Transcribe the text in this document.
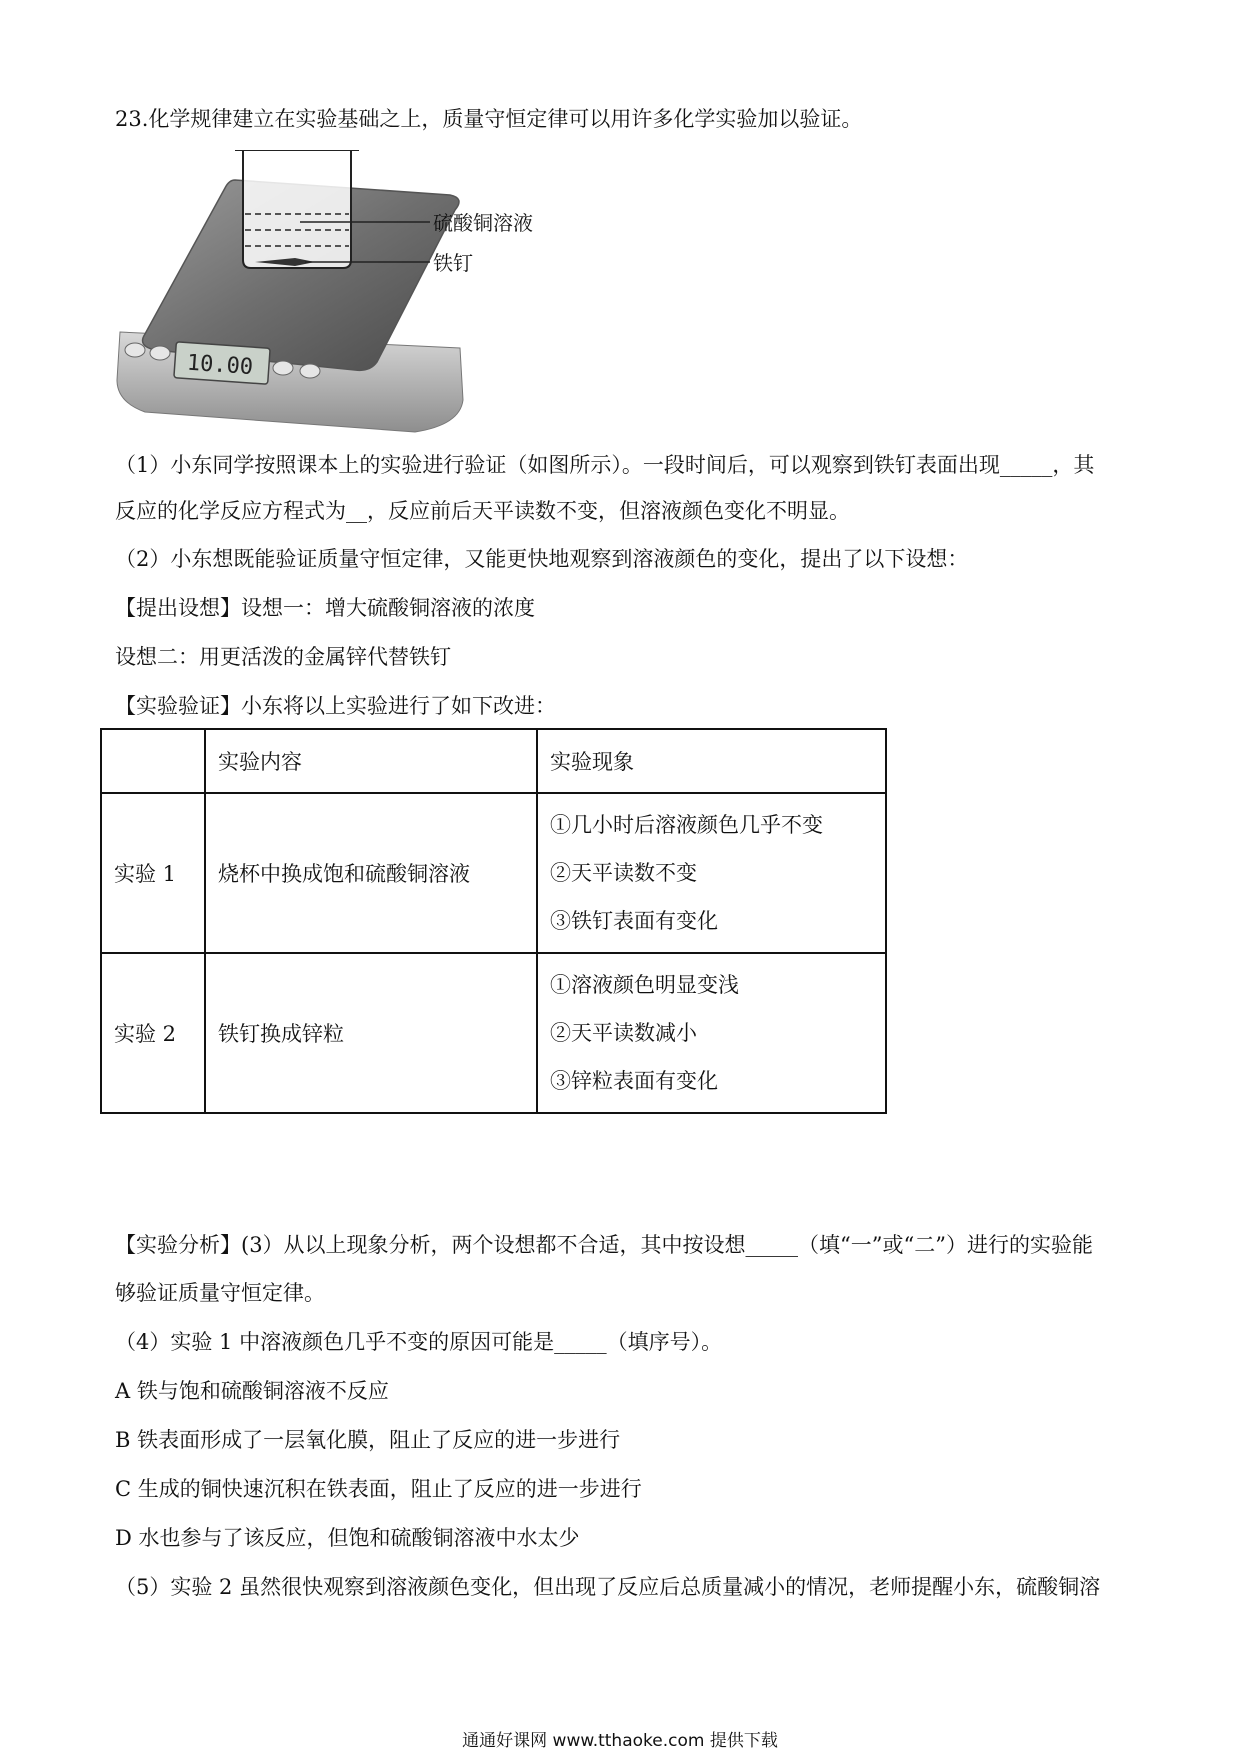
23.化学规律建立在实验基础之上，质量守恒定律可以用许多化学实验加以验证。
10.00
硫酸铜溶液
铁钉
（1）小东同学按照课本上的实验进行验证（如图所示）。一段时间后，可以观察到铁钉表面出现_____，其
反应的化学反应方程式为__，反应前后天平读数不变，但溶液颜色变化不明显。
（2）小东想既能验证质量守恒定律，又能更快地观察到溶液颜色的变化，提出了以下设想：
【提出设想】设想一：增大硫酸铜溶液的浓度
设想二：用更活泼的金属锌代替铁钉
【实验验证】小东将以上实验进行了如下改进：
	实验内容	实验现象
实验 1	烧杯中换成饱和硫酸铜溶液	①几小时后溶液颜色几乎不变
②天平读数不变
③铁钉表面有变化

实验 2	铁钉换成锌粒	①溶液颜色明显变浅
②天平读数减小
③锌粒表面有变化
【实验分析】(3）从以上现象分析，两个设想都不合适，其中按设想_____（填“一”或“二”）进行的实验能
够验证质量守恒定律。
（4）实验 1 中溶液颜色几乎不变的原因可能是_____（填序号）。
A 铁与饱和硫酸铜溶液不反应
B 铁表面形成了一层氧化膜，阻止了反应的进一步进行
C 生成的铜快速沉积在铁表面，阻止了反应的进一步进行
D 水也参与了该反应，但饱和硫酸铜溶液中水太少
（5）实验 2 虽然很快观察到溶液颜色变化，但出现了反应后总质量减小的情况，老师提醒小东，硫酸铜溶
通通好课网 www.tthaoke.com 提供下载
